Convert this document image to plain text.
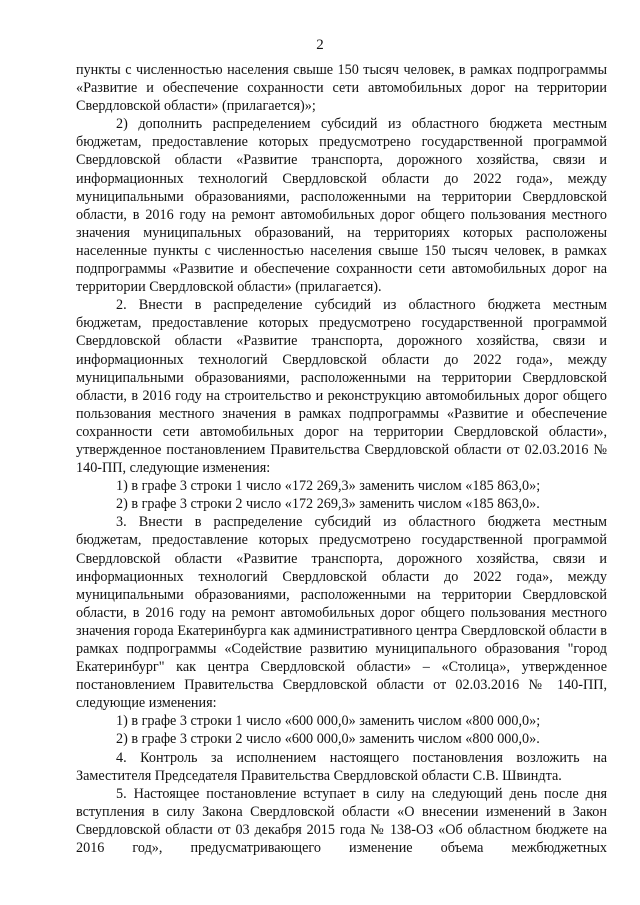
2

пункты с численностью населения свыше 150 тысяч человек, в рамках подпрограммы «Развитие и обеспечение сохранности сети автомобильных дорог на территории Свердловской области» (прилагается)»;

2) дополнить распределением субсидий из областного бюджета местным бюджетам, предоставление которых предусмотрено государственной программой Свердловской области «Развитие транспорта, дорожного хозяйства, связи и информационных технологий Свердловской области до 2022 года», между муниципальными образованиями, расположенными на территории Свердловской области, в 2016 году на ремонт автомобильных дорог общего пользования местного значения муниципальных образований, на территориях которых расположены населенные пункты с численностью населения свыше 150 тысяч человек, в рамках подпрограммы «Развитие и обеспечение сохранности сети автомобильных дорог на территории Свердловской области» (прилагается).

2. Внести в распределение субсидий из областного бюджета местным бюджетам, предоставление которых предусмотрено государственной программой Свердловской области «Развитие транспорта, дорожного хозяйства, связи и информационных технологий Свердловской области до 2022 года», между муниципальными образованиями, расположенными на территории Свердловской области, в 2016 году на строительство и реконструкцию автомобильных дорог общего пользования местного значения в рамках подпрограммы «Развитие и обеспечение сохранности сети автомобильных дорог на территории Свердловской области», утвержденное постановлением Правительства Свердловской области от 02.03.2016 № 140-ПП, следующие изменения:

1) в графе 3 строки 1 число «172 269,3» заменить числом «185 863,0»;

2) в графе 3 строки 2 число «172 269,3» заменить числом «185 863,0».

3. Внести в распределение субсидий из областного бюджета местным бюджетам, предоставление которых предусмотрено государственной программой Свердловской области «Развитие транспорта, дорожного хозяйства, связи и информационных технологий Свердловской области до 2022 года», между муниципальными образованиями, расположенными на территории Свердловской области, в 2016 году на ремонт автомобильных дорог общего пользования местного значения города Екатеринбурга как административного центра Свердловской области в рамках подпрограммы «Содействие развитию муниципального образования "город Екатеринбург" как центра Свердловской области» – «Столица», утвержденное постановлением Правительства Свердловской области от 02.03.2016 № 140-ПП, следующие изменения:

1) в графе 3 строки 1 число «600 000,0» заменить числом «800 000,0»;

2) в графе 3 строки 2 число «600 000,0» заменить числом «800 000,0».

4. Контроль за исполнением настоящего постановления возложить на Заместителя Председателя Правительства Свердловской области С.В. Швиндта.

5. Настоящее постановление вступает в силу на следующий день после дня вступления в силу Закона Свердловской области «О внесении изменений в Закон Свердловской области от 03 декабря 2015 года № 138-ОЗ «Об областном бюджете на 2016 год», предусматривающего изменение объема межбюджетных
